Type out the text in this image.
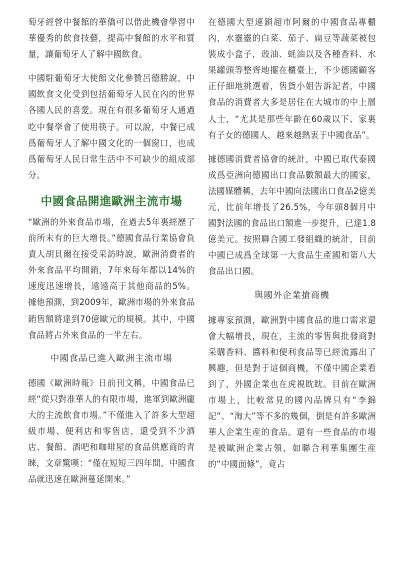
萄牙經營中餐館的華僑可以借此機會學習中華優秀的飲食技藝，提高中餐館的水平和質量，讓葡萄牙人了解中國飲食。

中國駐葡萄牙大使館文化參贊呂德勝說，中國飲食文化受到包括葡萄牙人民在內的世界各國人民的喜愛。現在有很多葡萄牙人通過吃中餐學會了使用筷子。可以說，中餐已成爲葡萄牙人了解中國文化的一個窗口，也成爲葡萄牙人民日常生活中不可缺少的組成部分。

中國食品開進歐洲主流市場

“歐洲的外來食品市場，在過去5年裏經歷了前所未有的巨大增長。”德國食品行業協會負責人胡貝爾在接受采訪時說，歐洲消費者的外來食品平均開銷，7年來每年都以14%的速度迅速增長，遠遠高于其他商品的5%。據他預測，到2009年，歐洲市場的外來食品銷售額將達到70億歐元的規模。其中，中國食品將占外來食品的一半左右。

中國食品已進入歐洲主流市場

德國《歐洲時報》日前刊文稱，中國食品已經“從只對准華人的有限市場，進軍到歐洲龐大的主流飲食市場。”不僅進入了許多大型超級市場、便利店和零售店，還受到不少酒店、餐館、酒吧和咖啡屋的食品供應商的青睞，文章驚嘆：“僅在短短三四年間，中國食品就迅速在歐洲蔓延開來。”

在德國大型連鎖超市阿爾的中國食品專櫃內，水靈靈的白菜、茄子、扁豆等蔬菜被包裝成小盒子，豉油、蚝油以及各種香料、水果罐頭等整齊地擺在櫃臺上，不少德國顧客正仔細地挑選着，售貨小姐告訴記者，中國食品的消費者大多是居住在大城市的中上層人士，“尤其是那些年齡在60歲以下、家裏有子女的德國人，越來越熱衷于中國食品”。

據德國消費者協會的統計，中國已取代泰國成爲亞洲向德國出口食品數額最大的國家，法國媒體稱，去年中國向法國出口食品2億美元，比前年增長了26.5%，今年頭8個月中國對法國的食品出口額進一步提升，已達1.8億美元。按照聯合國工發組織的統計，目前中國已成爲全球第一大食品生產國和第八大食品出口國。

與國外企業搶商機

據專家預測，歐洲對中國食品的進口需求還會大幅增長，現在，主流的零售與批發商對采購香料、醬料和便利食品等已經流露出了興趣，但是對于這個商機，不僅中國企業看到了，外國企業也在虎視眈眈。目前在歐洲市場上，比較常見的國內品牌只有“李錦記”、“淘大”等不多的幾個，倒是有許多歐洲華人企業生産的食品。還有一些食品的市場是被歐洲企業占領，如聯合利華集團生産的“中國面條”，竟占
